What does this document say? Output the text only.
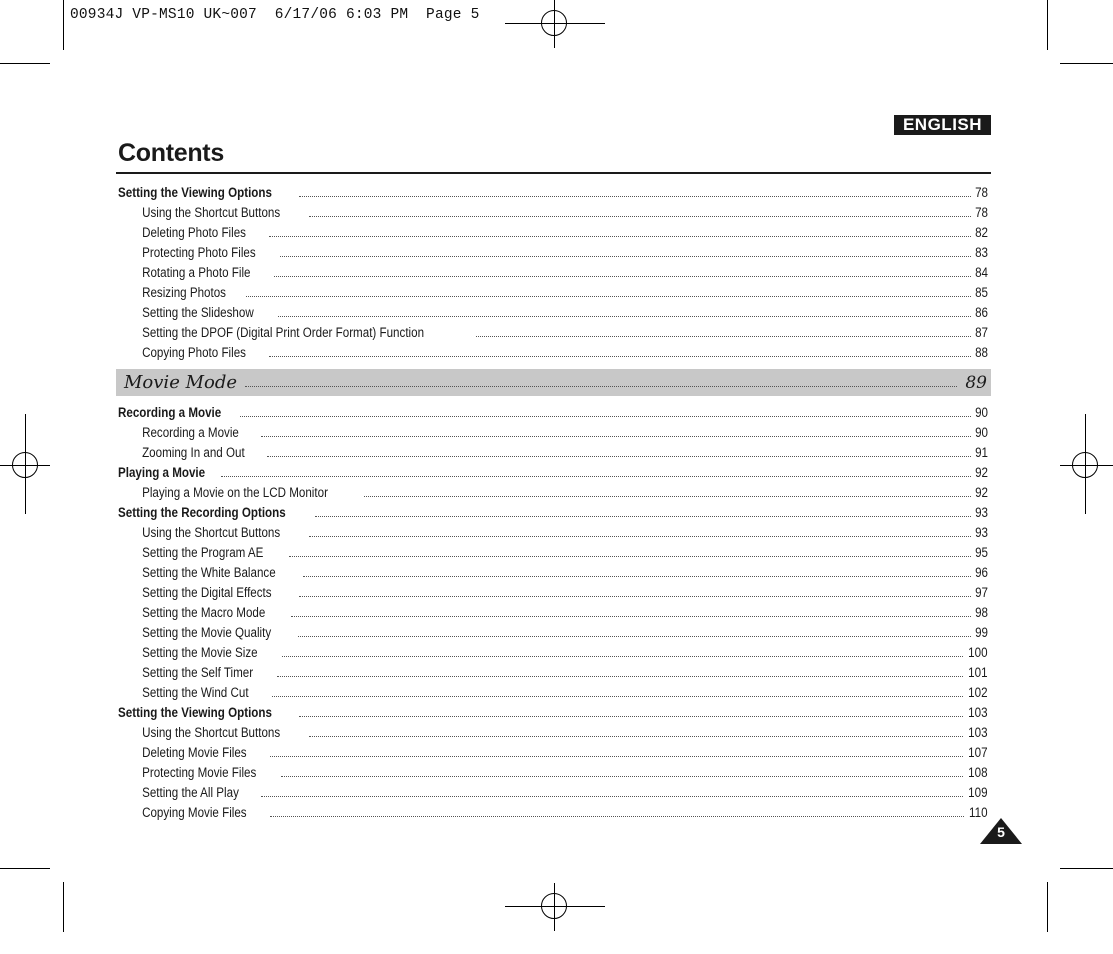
00934J VP-MS10 UK~007  6/17/06 6:03 PM  Page 5
ENGLISH
Contents
Setting the Viewing Options	78
Using the Shortcut Buttons	78
Deleting Photo Files	82
Protecting Photo Files	83
Rotating a Photo File	84
Resizing Photos	85
Setting the Slideshow	86
Setting the DPOF (Digital Print Order Format) Function	87
Copying Photo Files	88
Movie Mode	89
Recording a Movie	90
Recording a Movie	90
Zooming In and Out	91
Playing a Movie	92
Playing a Movie on the LCD Monitor	92
Setting the Recording Options	93
Using the Shortcut Buttons	93
Setting the Program AE	95
Setting the White Balance	96
Setting the Digital Effects	97
Setting the Macro Mode	98
Setting the Movie Quality	99
Setting the Movie Size	100
Setting the Self Timer	101
Setting the Wind Cut	102
Setting the Viewing Options	103
Using the Shortcut Buttons	103
Deleting Movie Files	107
Protecting Movie Files	108
Setting the All Play	109
Copying Movie Files	110
5
